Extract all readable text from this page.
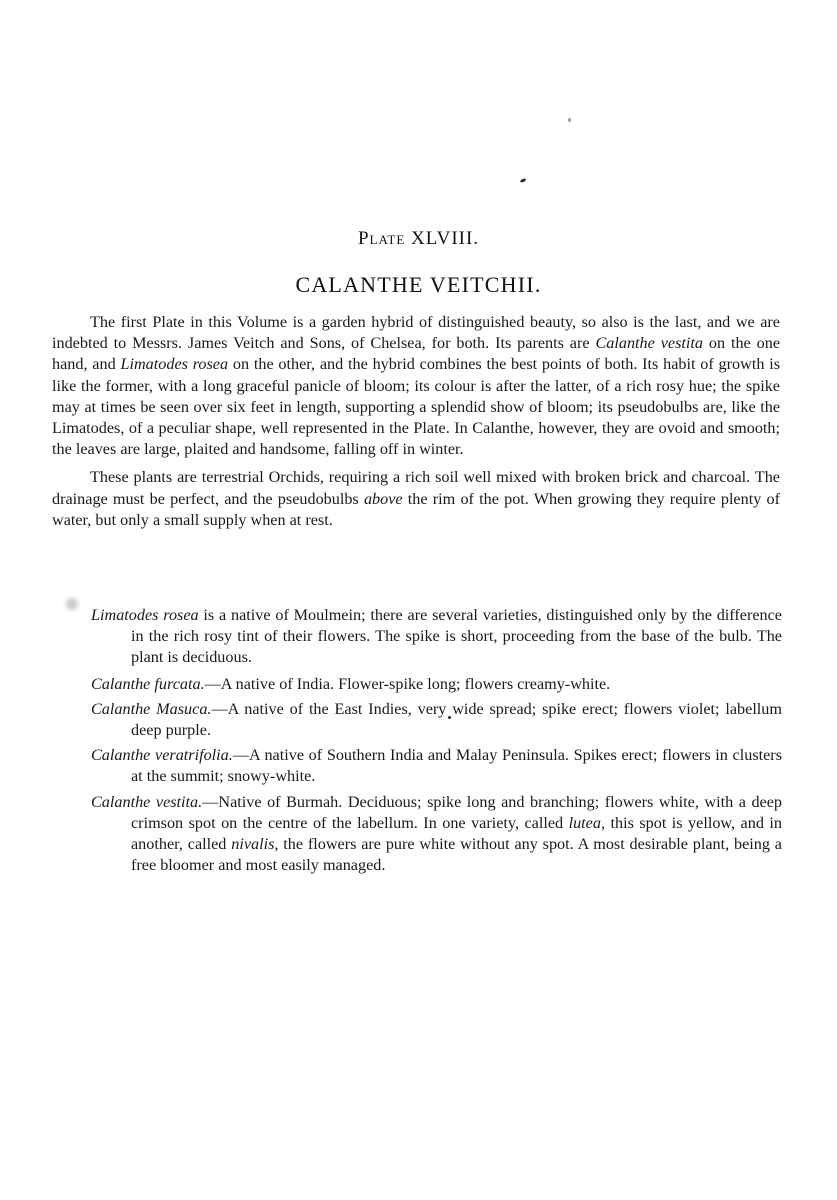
Plate XLVIII.
CALANTHE VEITCHII.

The first Plate in this Volume is a garden hybrid of distinguished beauty, so also is the last, and we are indebted to Messrs. James Veitch and Sons, of Chelsea, for both. Its parents are Calanthe vestita on the one hand, and Limatodes rosea on the other, and the hybrid combines the best points of both. Its habit of growth is like the former, with a long graceful panicle of bloom; its colour is after the latter, of a rich rosy hue; the spike may at times be seen over six feet in length, supporting a splendid show of bloom; its pseudobulbs are, like the Limatodes, of a peculiar shape, well represented in the Plate. In Calanthe, however, they are ovoid and smooth; the leaves are large, plaited and handsome, falling off in winter.

These plants are terrestrial Orchids, requiring a rich soil well mixed with broken brick and charcoal. The drainage must be perfect, and the pseudobulbs above the rim of the pot. When growing they require plenty of water, but only a small supply when at rest.

Limatodes rosea is a native of Moulmein; there are several varieties, distinguished only by the difference in the rich rosy tint of their flowers. The spike is short, proceeding from the base of the bulb. The plant is deciduous.

Calanthe furcata.—A native of India. Flower-spike long; flowers creamy-white.

Calanthe Masuca.—A native of the East Indies, very wide spread; spike erect; flowers violet; labellum deep purple.

Calanthe veratrifolia.—A native of Southern India and Malay Peninsula. Spikes erect; flowers in clusters at the summit; snowy-white.

Calanthe vestita.—Native of Burmah. Deciduous; spike long and branching; flowers white, with a deep crimson spot on the centre of the labellum. In one variety, called lutea, this spot is yellow, and in another, called nivalis, the flowers are pure white without any spot. A most desirable plant, being a free bloomer and most easily managed.
